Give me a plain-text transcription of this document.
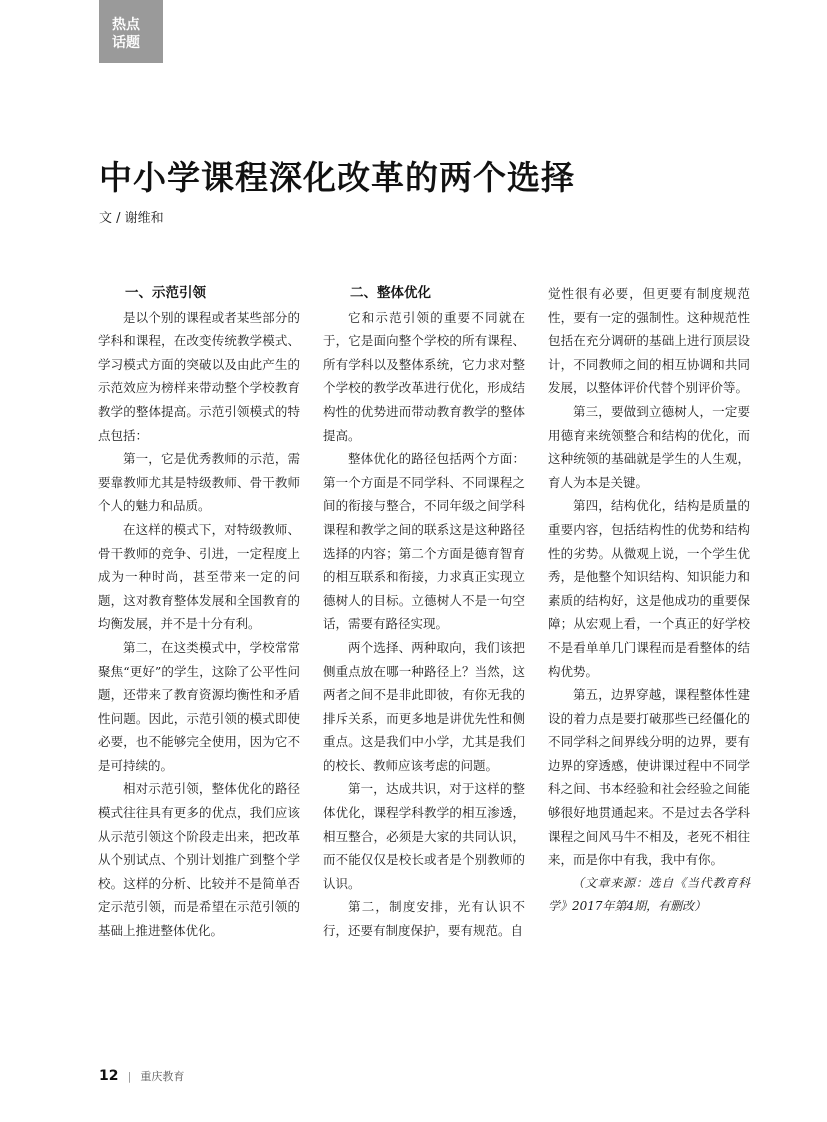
热点
话题
中小学课程深化改革的两个选择
文 / 谢维和
一、示范引领

是以个别的课程或者某些部分的学科和课程，在改变传统教学模式、学习模式方面的突破以及由此产生的示范效应为榜样来带动整个学校教育教学的整体提高。示范引领模式的特点包括：

第一，它是优秀教师的示范，需要靠教师尤其是特级教师、骨干教师个人的魅力和品质。

在这样的模式下，对特级教师、骨干教师的竞争、引进，一定程度上成为一种时尚，甚至带来一定的问题，这对教育整体发展和全国教育的均衡发展，并不是十分有利。

第二，在这类模式中，学校常常聚焦“更好”的学生，这除了公平性问题，还带来了教育资源均衡性和矛盾性问题。因此，示范引领的模式即使必要，也不能够完全使用，因为它不是可持续的。

相对示范引领，整体优化的路径模式往往具有更多的优点，我们应该从示范引领这个阶段走出来，把改革从个别试点、个别计划推广到整个学校。这样的分析、比较并不是简单否定示范引领，而是希望在示范引领的基础上推进整体优化。

二、整体优化

它和示范引领的重要不同就在于，它是面向整个学校的所有课程、所有学科以及整体系统，它力求对整个学校的教学改革进行优化，形成结构性的优势进而带动教育教学的整体提高。

整体优化的路径包括两个方面：第一个方面是不同学科、不同课程之间的衔接与整合，不同年级之间学科课程和教学之间的联系这是这种路径选择的内容；第二个方面是德育智育的相互联系和衔接，力求真正实现立德树人的目标。立德树人不是一句空话，需要有路径实现。

两个选择、两种取向，我们该把侧重点放在哪一种路径上？当然，这两者之间不是非此即彼，有你无我的排斥关系，而更多地是讲优先性和侧重点。这是我们中小学，尤其是我们的校长、教师应该考虑的问题。

第一，达成共识，对于这样的整体优化，课程学科教学的相互渗透，相互整合，必须是大家的共同认识，而不能仅仅是校长或者是个别教师的认识。

第二，制度安排，光有认识不行，还要有制度保护，要有规范。自

觉性很有必要，但更要有制度规范性，要有一定的强制性。这种规范性包括在充分调研的基础上进行顶层设计，不同教师之间的相互协调和共同发展，以整体评价代替个别评价等。

第三，要做到立德树人，一定要用德育来统领整合和结构的优化，而这种统领的基础就是学生的人生观，育人为本是关键。

第四，结构优化，结构是质量的重要内容，包括结构性的优势和结构性的劣势。从微观上说，一个学生优秀，是他整个知识结构、知识能力和素质的结构好，这是他成功的重要保障；从宏观上看，一个真正的好学校不是看单单几门课程而是看整体的结构优势。

第五，边界穿越，课程整体性建设的着力点是要打破那些已经僵化的不同学科之间界线分明的边界，要有边界的穿透感，使讲课过程中不同学科之间、书本经验和社会经验之间能够很好地贯通起来。不是过去各学科课程之间风马牛不相及，老死不相往来，而是你中有我，我中有你。

（文章来源：选自《当代教育科学》2017年第4期，有删改）

12 | 重庆教育
